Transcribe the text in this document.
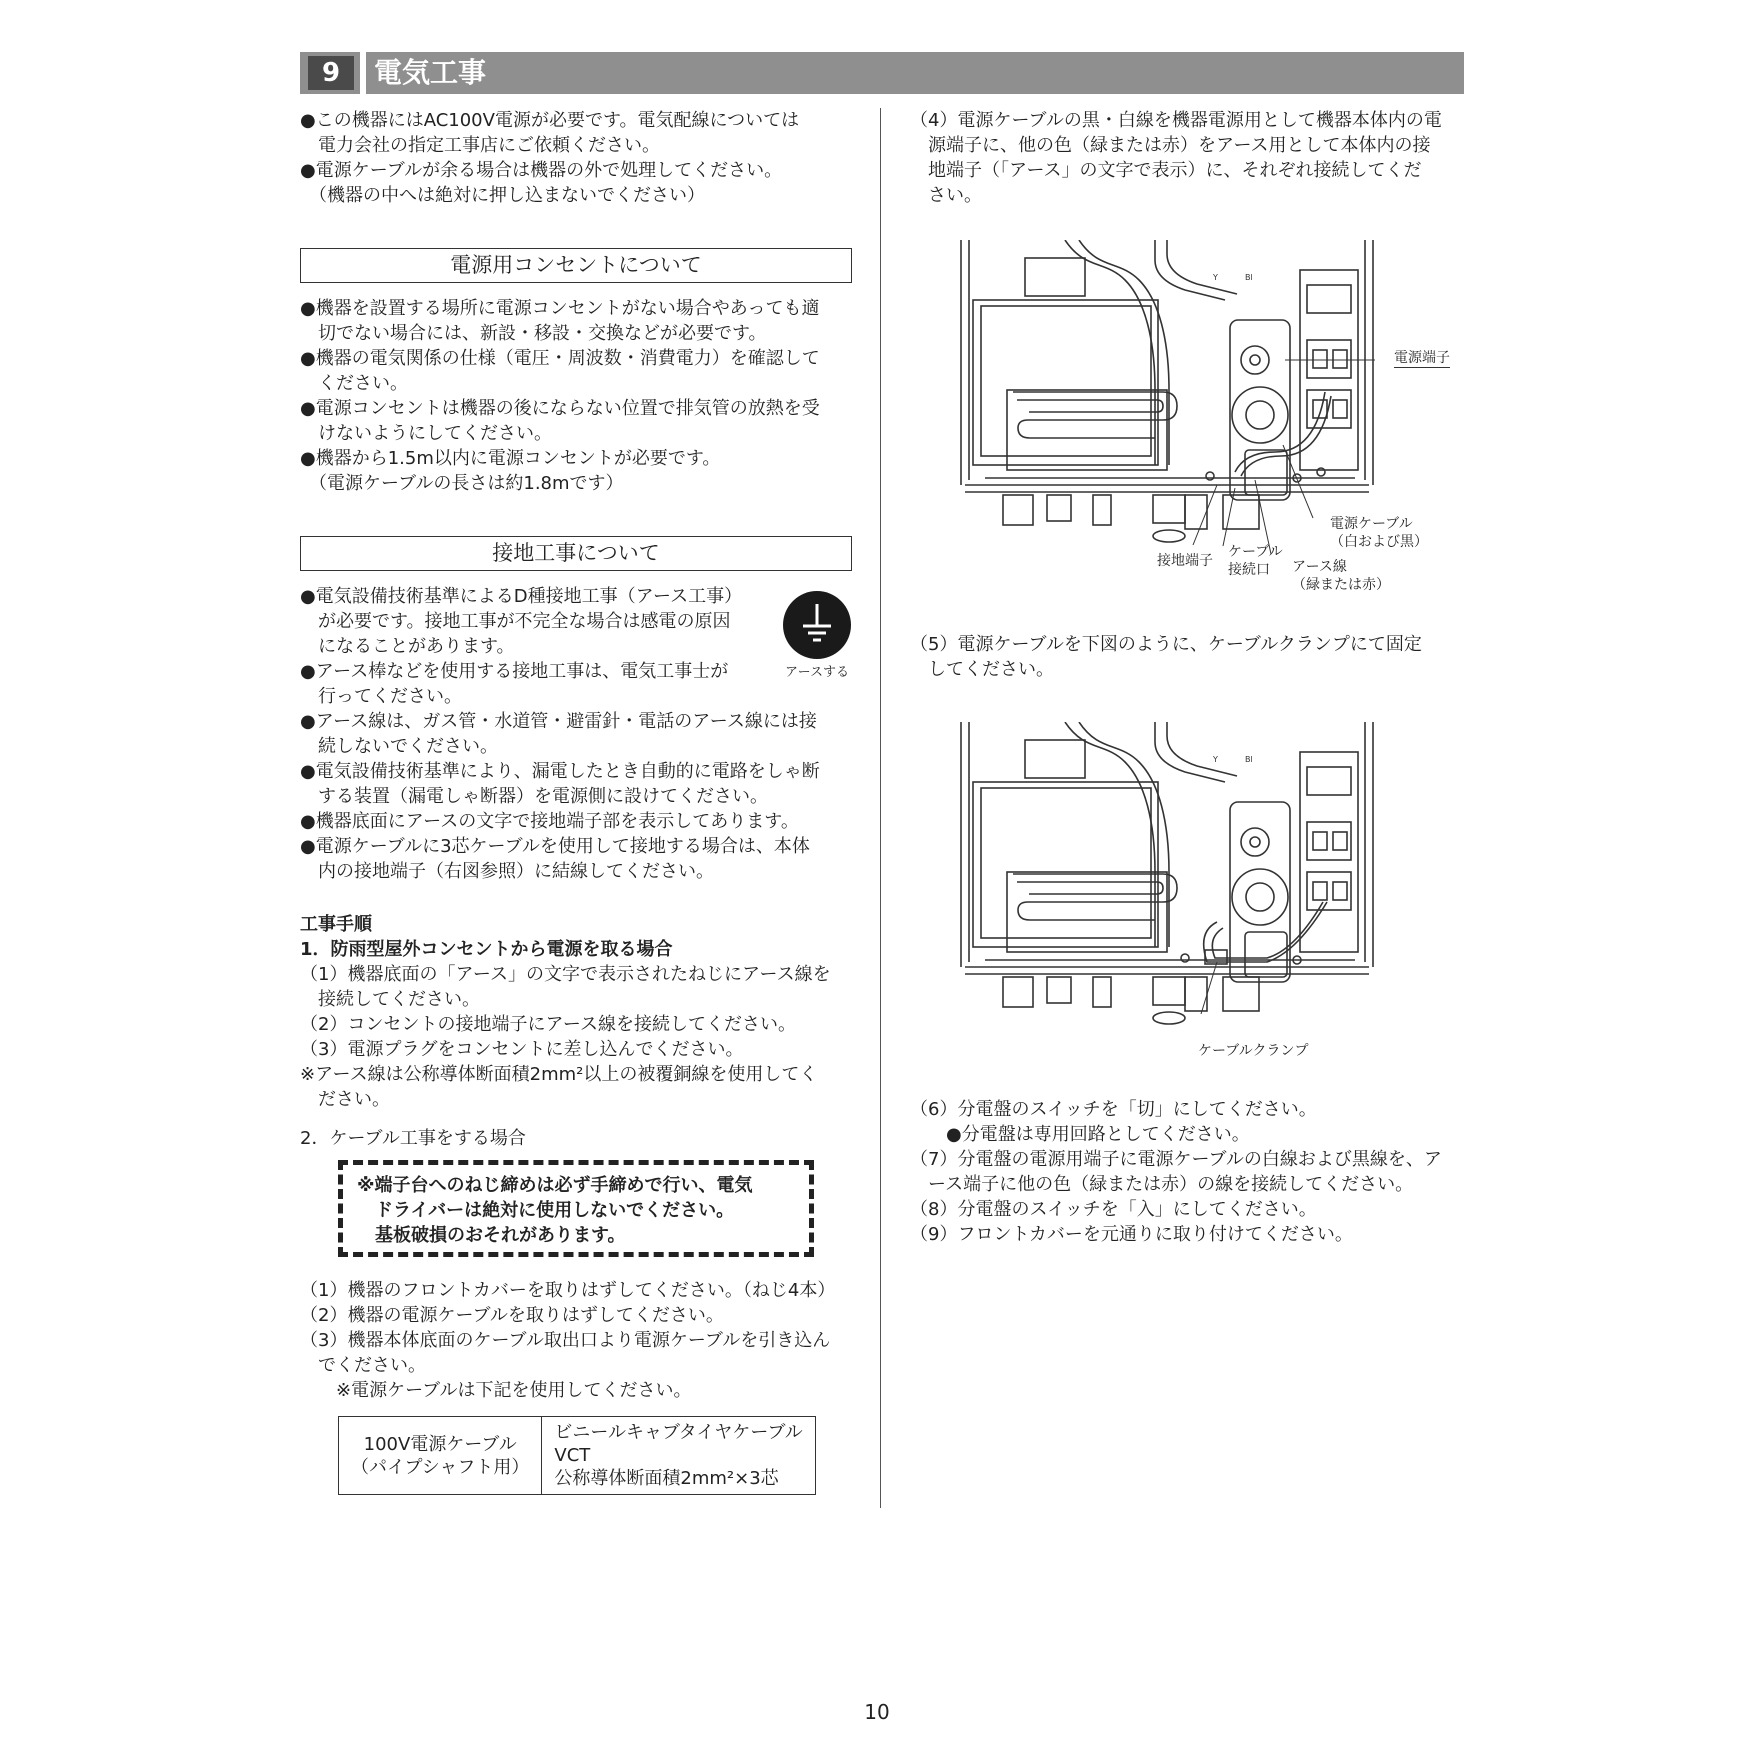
9	電気工事
●この機器にはAC100V電源が必要です。電気配線については
　電力会社の指定工事店にご依頼ください。
●電源ケーブルが余る場合は機器の外で処理してください。
　（機器の中へは絶対に押し込まないでください）
電源用コンセントについて
●機器を設置する場所に電源コンセントがない場合やあっても適
　切でない場合には、新設・移設・交換などが必要です。
●機器の電気関係の仕様（電圧・周波数・消費電力）を確認して
　ください。
●電源コンセントは機器の後にならない位置で排気管の放熱を受
　けないようにしてください。
●機器から1.5m以内に電源コンセントが必要です。
　（電源ケーブルの長さは約1.8mです）
接地工事について
●電気設備技術基準によるD種接地工事（アース工事）
　が必要です。接地工事が不完全な場合は感電の原因
　になることがあります。
●アース棒などを使用する接地工事は、電気工事士が
　行ってください。
アースする
●アース線は、ガス管・水道管・避雷針・電話のアース線には接
　続しないでください。
●電気設備技術基準により、漏電したとき自動的に電路をしゃ断
　する装置（漏電しゃ断器）を電源側に設けてください。
●機器底面にアースの文字で接地端子部を表示してあります。
●電源ケーブルに3芯ケーブルを使用して接地する場合は、本体
　内の接地端子（右図参照）に結線してください。
工事手順
1．防雨型屋外コンセントから電源を取る場合
（1）機器底面の「アース」の文字で表示されたねじにアース線を
　接続してください。
（2）コンセントの接地端子にアース線を接続してください。
（3）電源プラグをコンセントに差し込んでください。
※アース線は公称導体断面積2mm²以上の被覆銅線を使用してく
　ださい。
2．ケーブル工事をする場合
※端子台へのねじ締めは必ず手締めで行い、電気
　ドライバーは絶対に使用しないでください。
　基板破損のおそれがあります。
（1）機器のフロントカバーを取りはずしてください。（ねじ4本）
（2）機器の電源ケーブルを取りはずしてください。
（3）機器本体底面のケーブル取出口より電源ケーブルを引き込ん
　でください。
　　※電源ケーブルは下記を使用してください。
100V電源ケーブル
（パイプシャフト用）	ビニールキャブタイヤケーブル
VCT
公称導体断面積2mm²×3芯
（4）電源ケーブルの黒・白線を機器電源用として機器本体内の電
　源端子に、他の色（緑または赤）をアース用として本体内の接
　地端子（「アース」の文字で表示）に、それぞれ接続してくだ
　さい。
Y	Bl
電源端子
電源ケーブル
（白および黒）
接地端子
ケーブル
接続口	アース線
（緑または赤）
（5）電源ケーブルを下図のように、ケーブルクランプにて固定
　してください。
Y	Bl
ケーブルクランプ
（6）分電盤のスイッチを「切」にしてください。
　　●分電盤は専用回路としてください。
（7）分電盤の電源用端子に電源ケーブルの白線および黒線を、ア
　ース端子に他の色（緑または赤）の線を接続してください。
（8）分電盤のスイッチを「入」にしてください。
（9）フロントカバーを元通りに取り付けてください。
10
